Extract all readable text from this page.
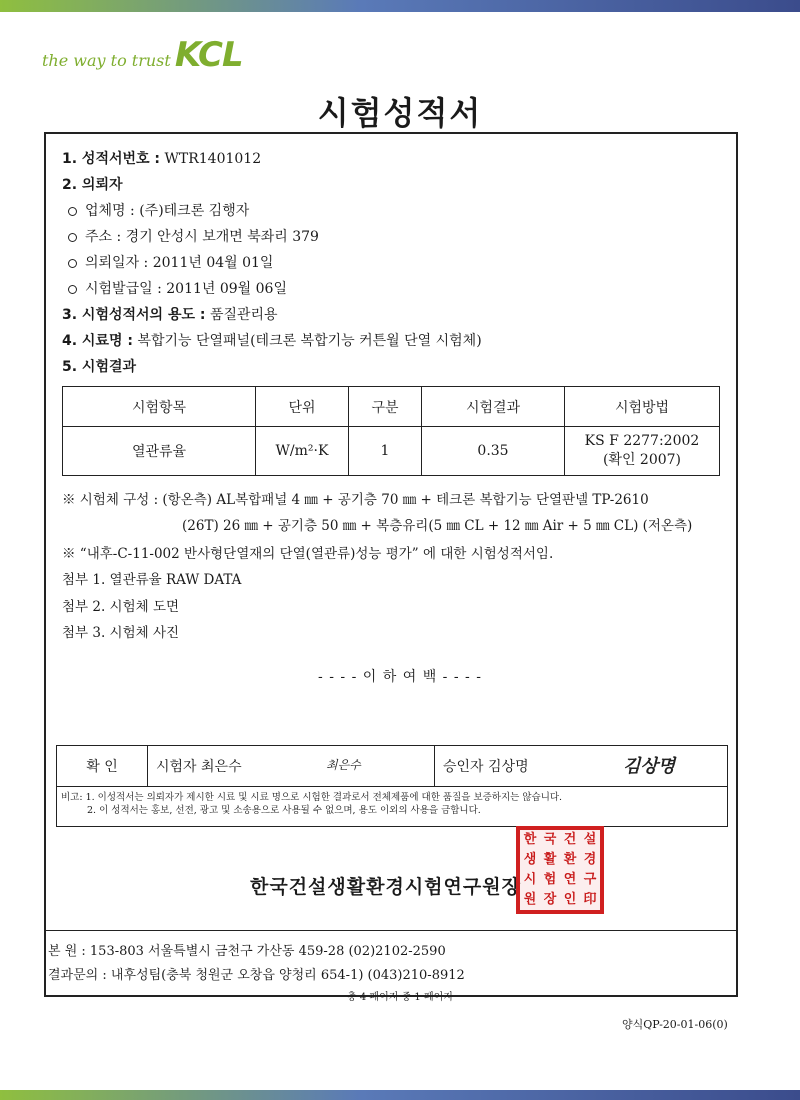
the way to trust KCL
시험성적서
1. 성적서번호 : WTR1401012
2. 의뢰자
업체명 : (주)테크론 김행자
주소 : 경기 안성시 보개면 북좌리 379
의뢰일자 : 2011년 04월 01일
시험발급일 : 2011년 09월 06일
3. 시험성적서의 용도 : 품질관리용
4. 시료명 : 복합기능 단열패널(테크론 복합기능 커튼월 단열 시험체)
5. 시험결과
시험항목	단위	구분	시험결과	시험방법
열관류율	W/m²·K	1	0.35	KS F 2277:2002
(확인 2007)
※ 시험체 구성 : (항온측) AL복합패널 4 ㎜ + 공기층 70 ㎜ + 테크론 복합기능 단열판넬 TP-2610
(26T) 26 ㎜ + 공기층 50 ㎜ + 복층유리(5 ㎜ CL + 12 ㎜ Air + 5 ㎜ CL) (저온측)
※ “내후-C-11-002 반사형단열재의 단열(열관류)성능 평가” 에 대한 시험성적서임.
첨부 1. 열관류율 RAW DATA
첨부 2. 시험체 도면
첨부 3. 시험체 사진
- - - - 이 하 여 백 - - - -
확 인	시험자 최은수	최은수	승인자 김상명	김상명
비고: 1. 이성적서는 의뢰자가 제시한 시료 및 시료 명으로 시험한 결과로서 전체제품에 대한 품질을 보증하지는 않습니다.
2. 이 성적서는 홍보, 선전, 광고 및 소송용으로 사용될 수 없으며, 용도 이외의 사용을 금합니다.
한국건설생활환경시험연구원장
한 국 건 설
생 활 환 경
시 험 연 구
원 장 인 印
본 원 : 153-803 서울특별시 금천구 가산동 459-28 (02)2102-2590
결과문의 : 내후성팀(충북 청원군 오창읍 양청리 654-1) (043)210-8912
총 4 페이지 중 1 페이지
양식QP-20-01-06(0)
